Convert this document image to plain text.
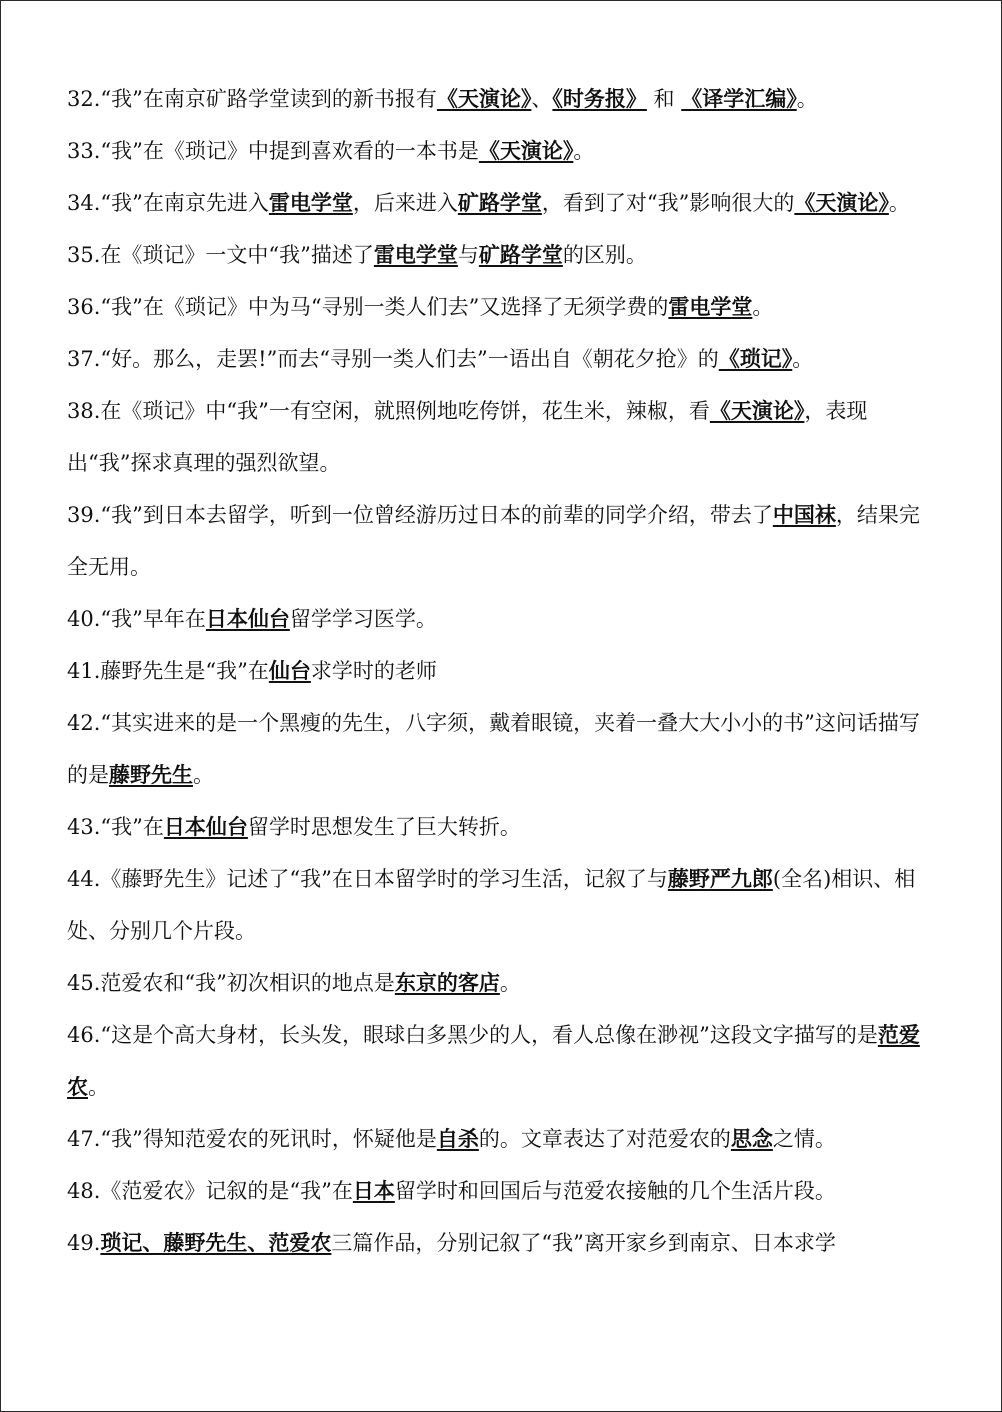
32.“我”在南京矿路学堂读到的新书报有《天演论》、《时务报》 和 《译学汇编》。

33.“我”在《琐记》中提到喜欢看的一本书是《天演论》。

34.“我”在南京先进入雷电学堂，后来进入矿路学堂，看到了对“我”影响很大的《天演论》。

35.在《琐记》一文中“我”描述了雷电学堂与矿路学堂的区别。

36.“我”在《琐记》中为马“寻别一类人们去”又选择了无须学费的雷电学堂。

37.“好。那么，走罢!”而去“寻别一类人们去”一语出自《朝花夕抢》的《琐记》。

38.在《琐记》中“我”一有空闲，就照例地吃侉饼，花生米，辣椒，看《天演论》，表现出“我”探求真理的强烈欲望。

39.“我”到日本去留学，听到一位曾经游历过日本的前辈的同学介绍，带去了中国袜，结果完全无用。

40.“我”早年在日本仙台留学学习医学。

41.藤野先生是“我”在仙台求学时的老师

42.“其实进来的是一个黑瘦的先生，八字须，戴着眼镜，夹着一叠大大小小的书”这问话描写的是藤野先生。

43.“我”在日本仙台留学时思想发生了巨大转折。

44.《藤野先生》记述了“我”在日本留学时的学习生活，记叙了与藤野严九郎(全名)相识、相处、分别几个片段。

45.范爱农和“我”初次相识的地点是东京的客店。

46.“这是个高大身材，长头发，眼球白多黑少的人，看人总像在渺视”这段文字描写的是范爱农。

47.“我”得知范爱农的死讯时，怀疑他是自杀的。文章表达了对范爱农的思念之情。

48.《范爱农》记叙的是“我”在日本留学时和回国后与范爱农接触的几个生活片段。

49.琐记、藤野先生、范爱农三篇作品，分别记叙了“我”离开家乡到南京、日本求学
